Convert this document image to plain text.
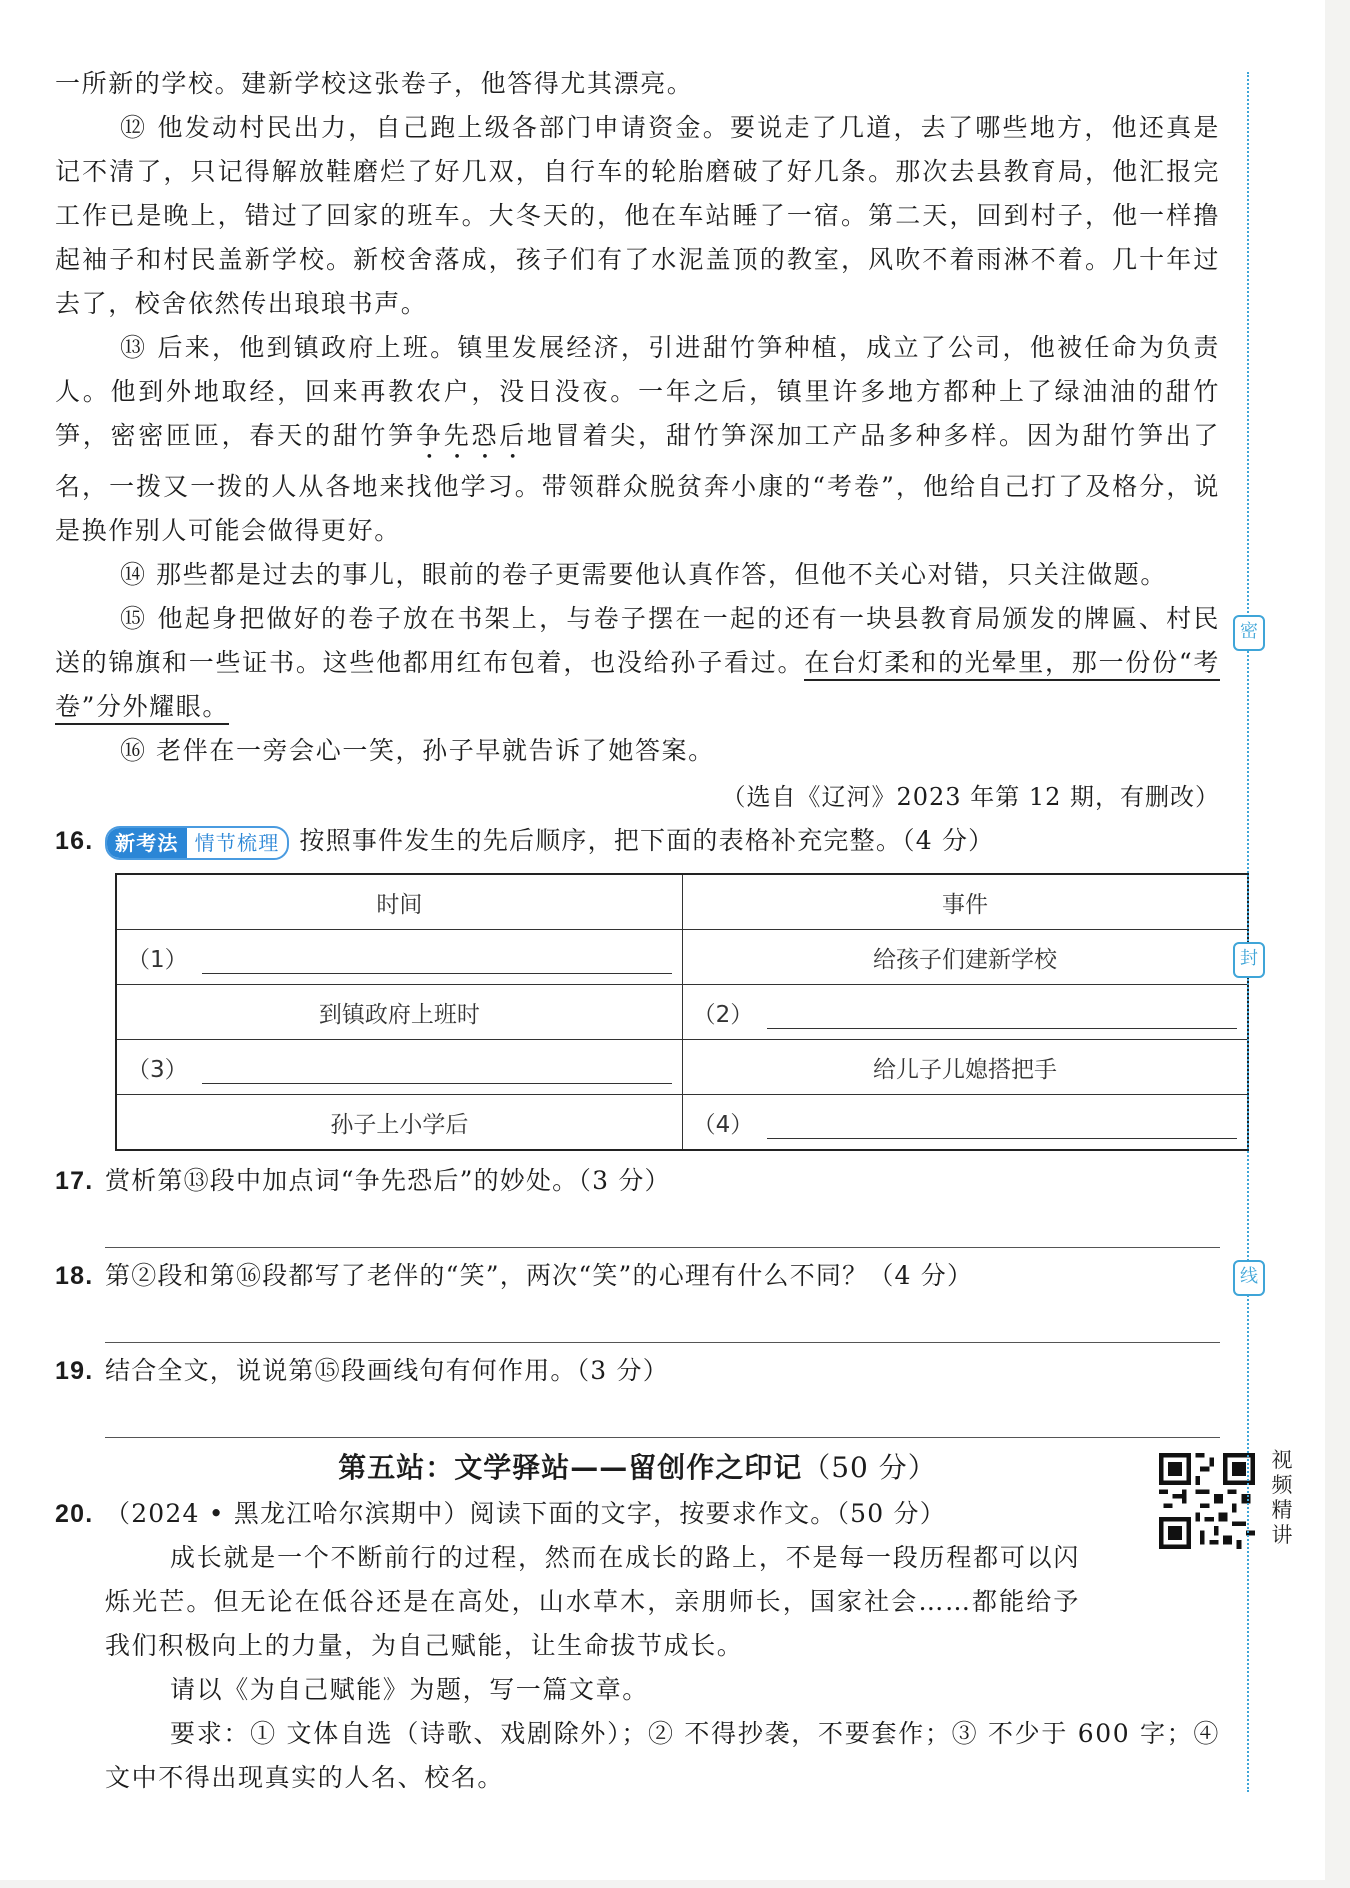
一所新的学校。建新学校这张卷子，他答得尤其漂亮。

⑫ 他发动村民出力，自己跑上级各部门申请资金。要说走了几道，去了哪些地方，他还真是记不清了，只记得解放鞋磨烂了好几双，自行车的轮胎磨破了好几条。那次去县教育局，他汇报完工作已是晚上，错过了回家的班车。大冬天的，他在车站睡了一宿。第二天，回到村子，他一样撸起袖子和村民盖新学校。新校舍落成，孩子们有了水泥盖顶的教室，风吹不着雨淋不着。几十年过去了，校舍依然传出琅琅书声。

⑬ 后来，他到镇政府上班。镇里发展经济，引进甜竹笋种植，成立了公司，他被任命为负责人。他到外地取经，回来再教农户，没日没夜。一年之后，镇里许多地方都种上了绿油油的甜竹笋，密密匝匝，春天的甜竹笋争先恐后地冒着尖，甜竹笋深加工产品多种多样。因为甜竹笋出了名，一拨又一拨的人从各地来找他学习。带领群众脱贫奔小康的“考卷”，他给自己打了及格分，说是换作别人可能会做得更好。

⑭ 那些都是过去的事儿，眼前的卷子更需要他认真作答，但他不关心对错，只关注做题。

⑮ 他起身把做好的卷子放在书架上，与卷子摆在一起的还有一块县教育局颁发的牌匾、村民送的锦旗和一些证书。这些他都用红布包着，也没给孙子看过。在台灯柔和的光晕里，那一份份“考卷”分外耀眼。

⑯ 老伴在一旁会心一笑，孙子早就告诉了她答案。

（选自《辽河》2023 年第 12 期，有删改）

16.	新考法 情节梳理 按照事件发生的先后顺序，把下面的表格补充完整。（4 分）
时间	事件
（1）	给孩子们建新学校
到镇政府上班时	（2）
（3）	给儿子儿媳搭把手
孙子上小学后	（4）
17. 赏析第⑬段中加点词“争先恐后”的妙处。（3 分）
18. 第②段和第⑯段都写了老伴的“笑”，两次“笑”的心理有什么不同？（4 分）
19. 结合全文，说说第⑮段画线句有何作用。（3 分）
第五站：文学驿站——留创作之印记（50 分）
20. （2024 • 黑龙江哈尔滨期中）阅读下面的文字，按要求作文。（50 分）

成长就是一个不断前行的过程，然而在成长的路上，不是每一段历程都可以闪烁光芒。但无论在低谷还是在高处，山水草木，亲朋师长，国家社会……都能给予我们积极向上的力量，为自己赋能，让生命拔节成长。

请以《为自己赋能》为题，写一篇文章。

要求：① 文体自选（诗歌、戏剧除外）；② 不得抄袭，不要套作；③ 不少于 600 字；④ 文中不得出现真实的人名、校名。

视频精讲
密
封
线
